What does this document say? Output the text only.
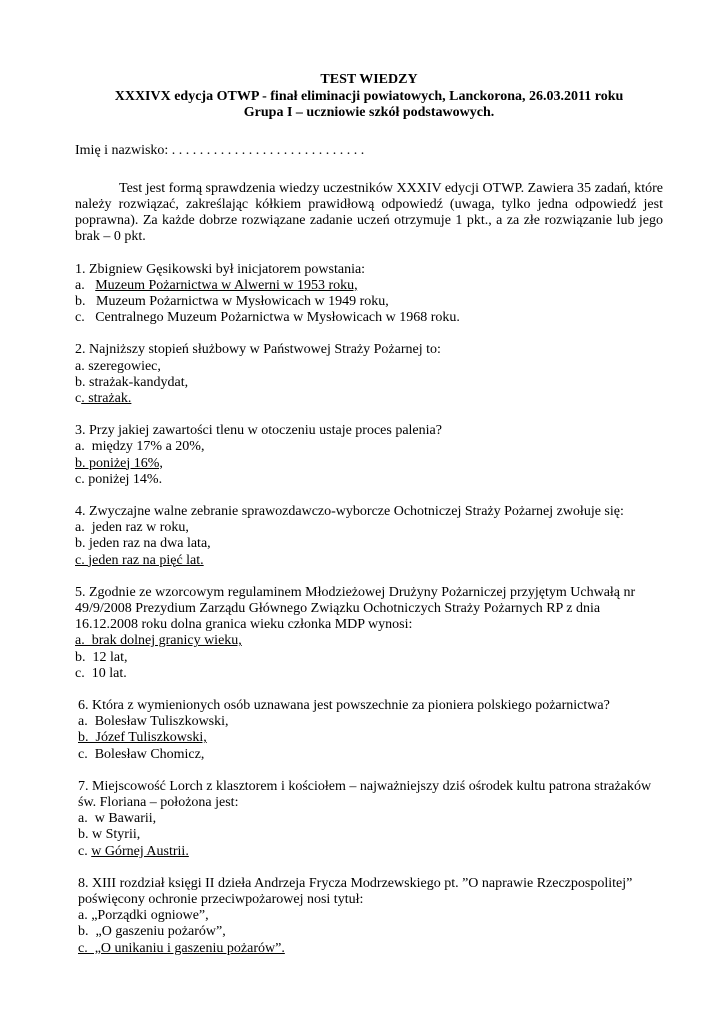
TEST WIEDZY
XXXIVX edycja OTWP - finał eliminacji powiatowych, Lanckorona, 26.03.2011 roku
Grupa I – uczniowie szkół podstawowych.
Imię i nazwisko: . . . . . . . . . . . . . . . . . . . . . . . . . . . .
Test jest formą sprawdzenia wiedzy uczestników XXXIV edycji OTWP. Zawiera 35 zadań, które należy rozwiązać, zakreślając kółkiem prawidłową odpowiedź (uwaga, tylko jedna odpowiedź jest poprawna). Za każde dobrze rozwiązane zadanie uczeń otrzymuje 1 pkt., a za złe rozwiązanie lub jego brak – 0 pkt.
1. Zbigniew Gęsikowski był inicjatorem powstania:
a.   Muzeum Pożarnictwa w Alwerni w 1953 roku,
b.   Muzeum Pożarnictwa w Mysłowicach w 1949 roku,
c.   Centralnego Muzeum Pożarnictwa w Mysłowicach w 1968 roku.
2. Najniższy stopień służbowy w Państwowej Straży Pożarnej to:
a. szeregowiec,
b. strażak-kandydat,
c. strażak.
3. Przy jakiej zawartości tlenu w otoczeniu ustaje proces palenia?
a.  między 17% a 20%,
b. poniżej 16%,
c. poniżej 14%.
4. Zwyczajne walne zebranie sprawozdawczo-wyborcze Ochotniczej Straży Pożarnej zwołuje się:
a.  jeden raz w roku,
b. jeden raz na dwa lata,
c. jeden raz na pięć lat.
5. Zgodnie ze wzorcowym regulaminem Młodzieżowej Drużyny Pożarniczej przyjętym Uchwałą nr 49/9/2008 Prezydium Zarządu Głównego Związku Ochotniczych Straży Pożarnych RP z dnia 16.12.2008 roku dolna granica wieku członka MDP wynosi:
a.  brak dolnej granicy wieku,
b.  12 lat,
c.  10 lat.
6. Która z wymienionych osób uznawana jest powszechnie za pioniera polskiego pożarnictwa?
a.  Bolesław Tuliszkowski,
b.  Józef Tuliszkowski,
c.  Bolesław Chomicz,
7. Miejscowość Lorch z klasztorem i kościołem – najważniejszy dziś ośrodek kultu patrona strażaków św. Floriana – położona jest:
a.  w Bawarii,
b. w Styrii,
c. w Górnej Austrii.
8. XIII rozdział księgi II dzieła Andrzeja Frycza Modrzewskiego pt. ”O naprawie Rzeczpospolitej” poświęcony ochronie przeciwpożarowej nosi tytuł:
a. „Porządki ogniowe”,
b.  „O gaszeniu pożarów”,
c.  „O unikaniu i gaszeniu pożarów”.
